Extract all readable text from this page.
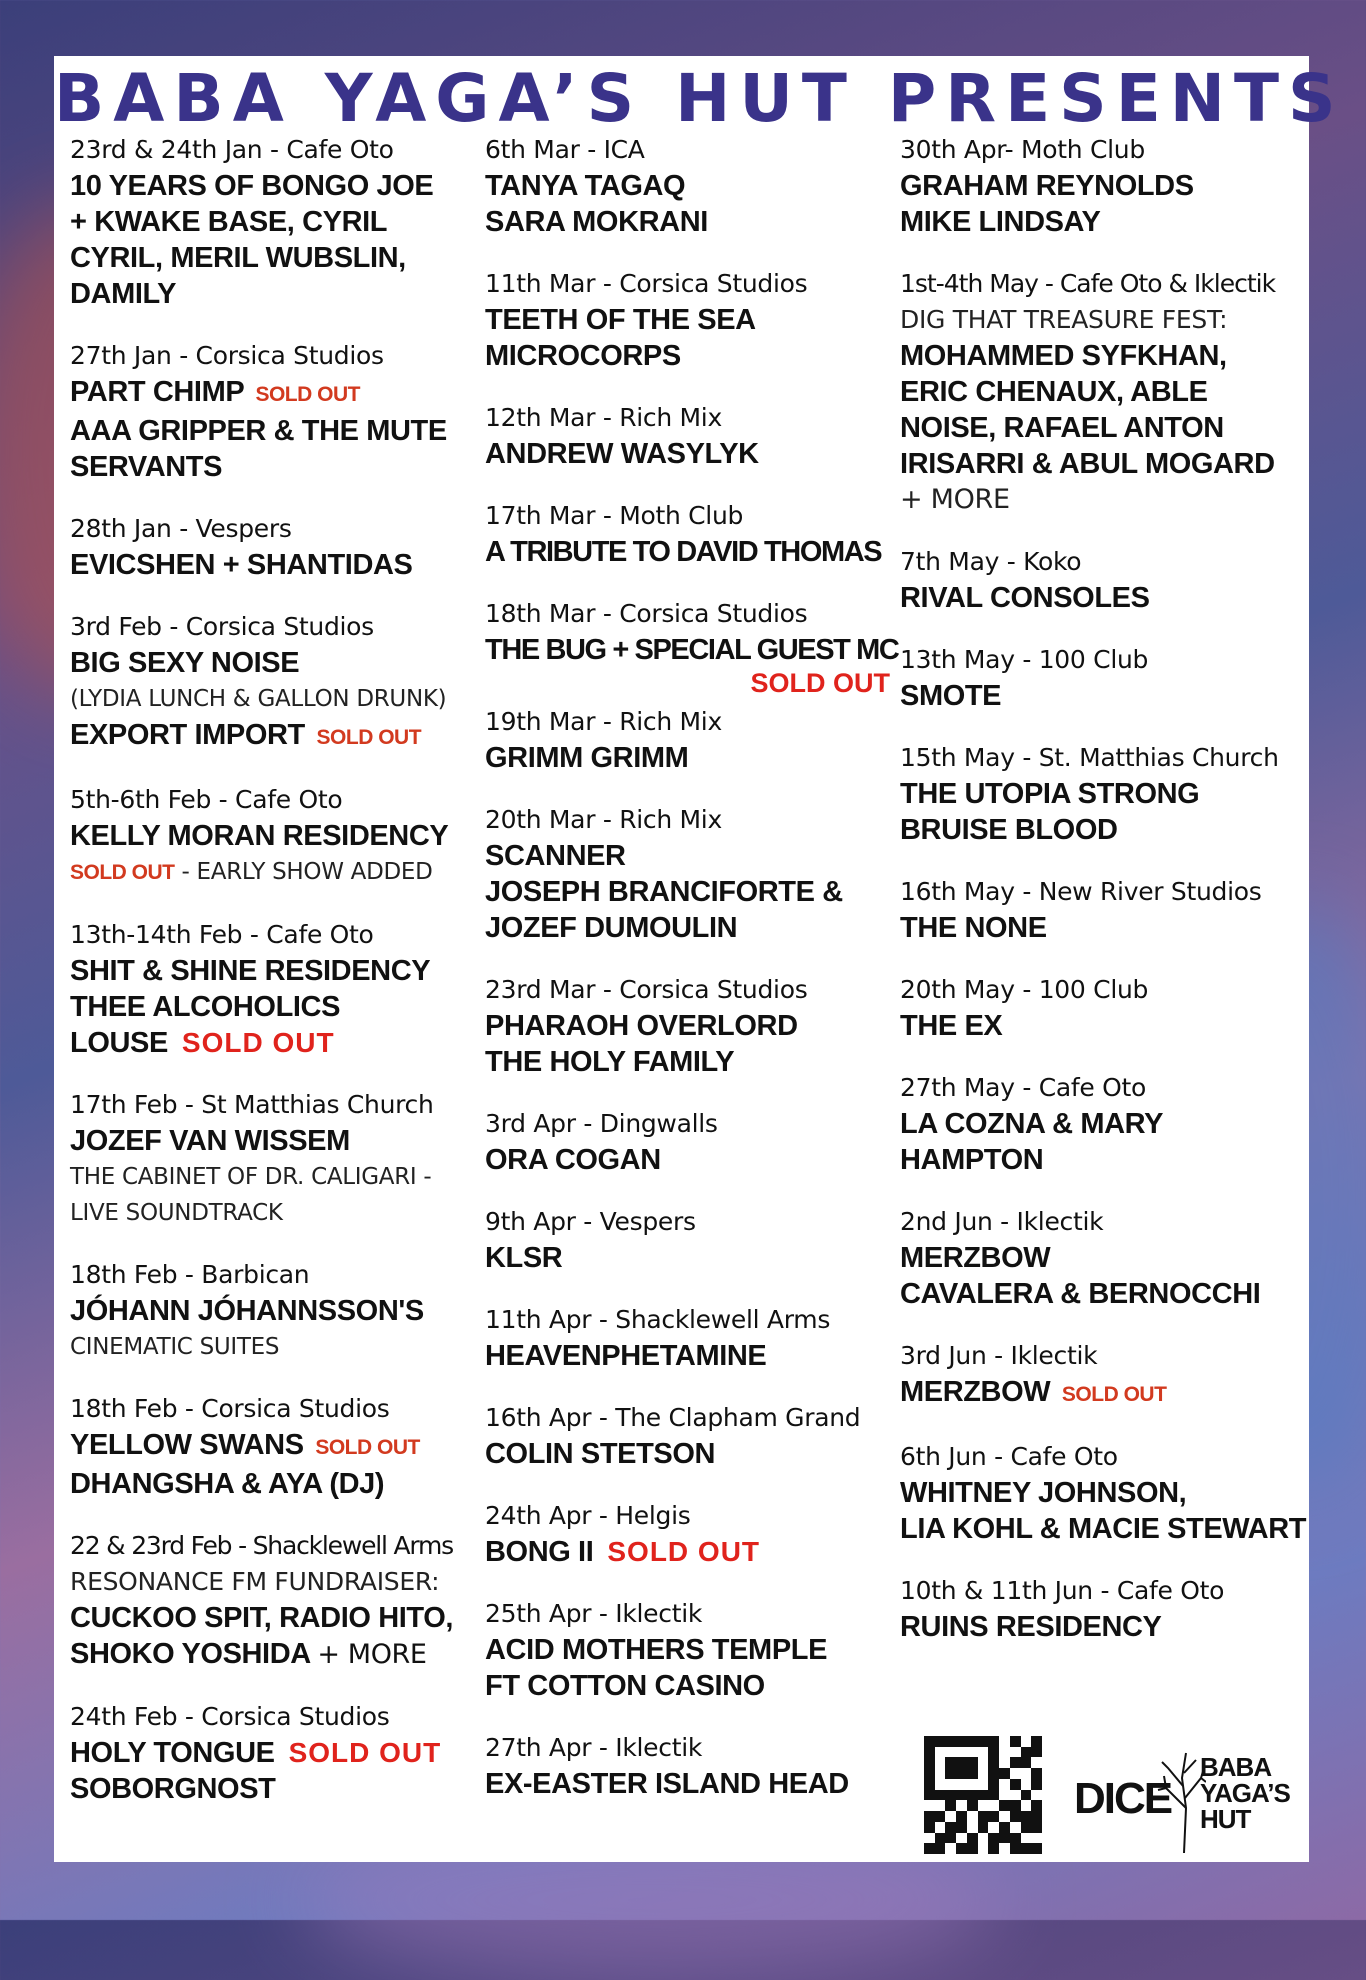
BABA YAGA’S HUT PRESENTS
23rd & 24th Jan - Cafe Oto
10 YEARS OF BONGO JOE
+ KWAKE BASE, CYRIL
CYRIL, MERIL WUBSLIN,
DAMILY
27th Jan - Corsica Studios
PART CHIMP SOLD OUT
AAA GRIPPER & THE MUTE
SERVANTS
28th Jan - Vespers
EVICSHEN + SHANTIDAS
3rd Feb - Corsica Studios
BIG SEXY NOISE
(LYDIA LUNCH & GALLON DRUNK)
EXPORT IMPORT SOLD OUT
5th-6th Feb - Cafe Oto
KELLY MORAN RESIDENCY
SOLD OUT - EARLY SHOW ADDED
13th-14th Feb - Cafe Oto
SHIT & SHINE RESIDENCY
THEE ALCOHOLICS
LOUSE SOLD OUT
17th Feb - St Matthias Church
JOZEF VAN WISSEM
THE CABINET OF DR. CALIGARI -
LIVE SOUNDTRACK
18th Feb - Barbican
JÓHANN JÓHANNSSON'S
CINEMATIC SUITES
18th Feb - Corsica Studios
YELLOW SWANS SOLD OUT
DHANGSHA & AYA (DJ)
22 & 23rd Feb - Shacklewell Arms
RESONANCE FM FUNDRAISER:
CUCKOO SPIT, RADIO HITO,
SHOKO YOSHIDA + MORE
24th Feb - Corsica Studios
HOLY TONGUE SOLD OUT
SOBORGNOST
6th Mar - ICA
TANYA TAGAQ
SARA MOKRANI
11th Mar - Corsica Studios
TEETH OF THE SEA
MICROCORPS
12th Mar - Rich Mix
ANDREW WASYLYK
17th Mar - Moth Club
A TRIBUTE TO DAVID THOMAS
18th Mar - Corsica Studios
THE BUG + SPECIAL GUEST MC
SOLD OUT
19th Mar - Rich Mix
GRIMM GRIMM
20th Mar - Rich Mix
SCANNER
JOSEPH BRANCIFORTE &
JOZEF DUMOULIN
23rd Mar - Corsica Studios
PHARAOH OVERLORD
THE HOLY FAMILY
3rd Apr - Dingwalls
ORA COGAN
9th Apr - Vespers
KLSR
11th Apr - Shacklewell Arms
HEAVENPHETAMINE
16th Apr - The Clapham Grand
COLIN STETSON
24th Apr - Helgis
BONG II SOLD OUT
25th Apr - Iklectik
ACID MOTHERS TEMPLE
FT COTTON CASINO
27th Apr - Iklectik
EX-EASTER ISLAND HEAD
30th Apr- Moth Club
GRAHAM REYNOLDS
MIKE LINDSAY
1st-4th May - Cafe Oto & Iklectik
DIG THAT TREASURE FEST:
MOHAMMED SYFKHAN,
ERIC CHENAUX, ABLE
NOISE, RAFAEL ANTON
IRISARRI & ABUL MOGARD
+ MORE
7th May - Koko
RIVAL CONSOLES
13th May - 100 Club
SMOTE
15th May - St. Matthias Church
THE UTOPIA STRONG
BRUISE BLOOD
16th May - New River Studios
THE NONE
20th May - 100 Club
THE EX
27th May - Cafe Oto
LA COZNA & MARY
HAMPTON
2nd Jun - Iklectik
MERZBOW
CAVALERA & BERNOCCHI
3rd Jun - Iklectik
MERZBOW SOLD OUT
6th Jun - Cafe Oto
WHITNEY JOHNSON,
LIA KOHL & MACIE STEWART
10th & 11th Jun - Cafe Oto
RUINS RESIDENCY
DICE
BABA
YAGA’S
HUT
